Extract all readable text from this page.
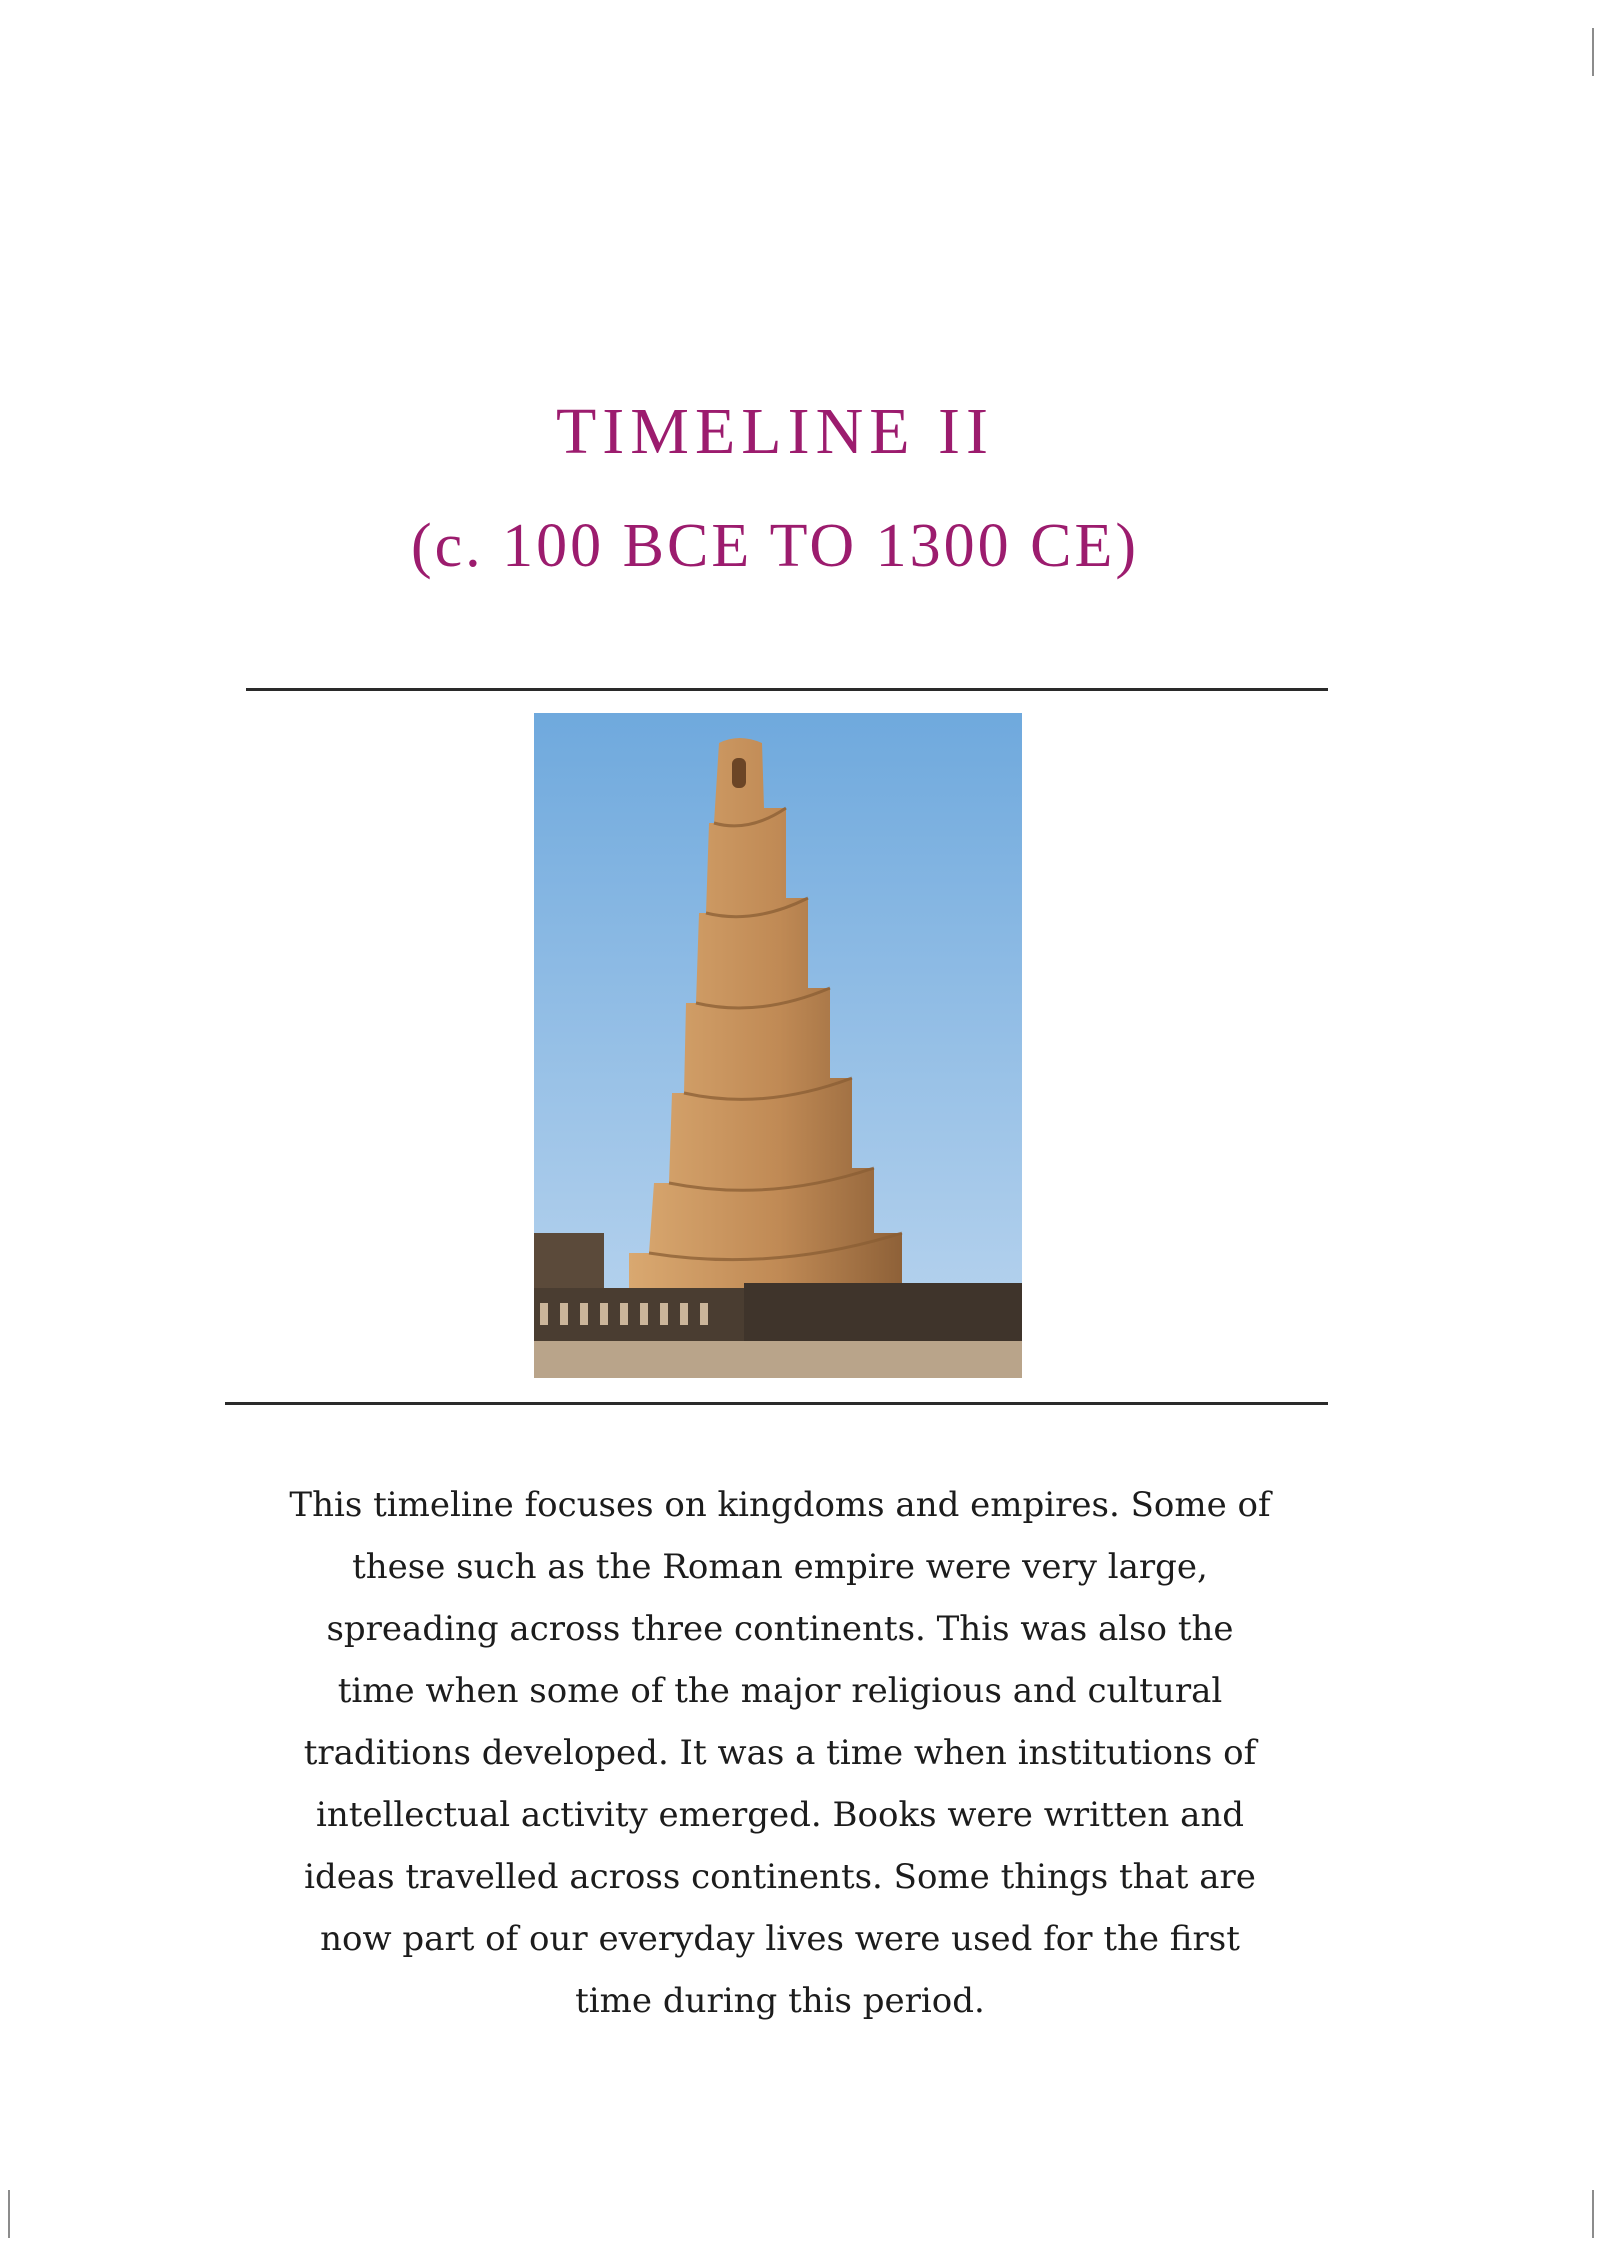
TIMELINE II
(c. 100 BCE TO 1300 CE)

This timeline focuses on kingdoms and empires. Some of
these such as the Roman empire were very large,
spreading across three continents. This was also the
time when some of the major religious and cultural
traditions developed. It was a time when institutions of
intellectual activity emerged. Books were written and
ideas travelled across continents. Some things that are
now part of our everyday lives were used for the first
time during this period.
